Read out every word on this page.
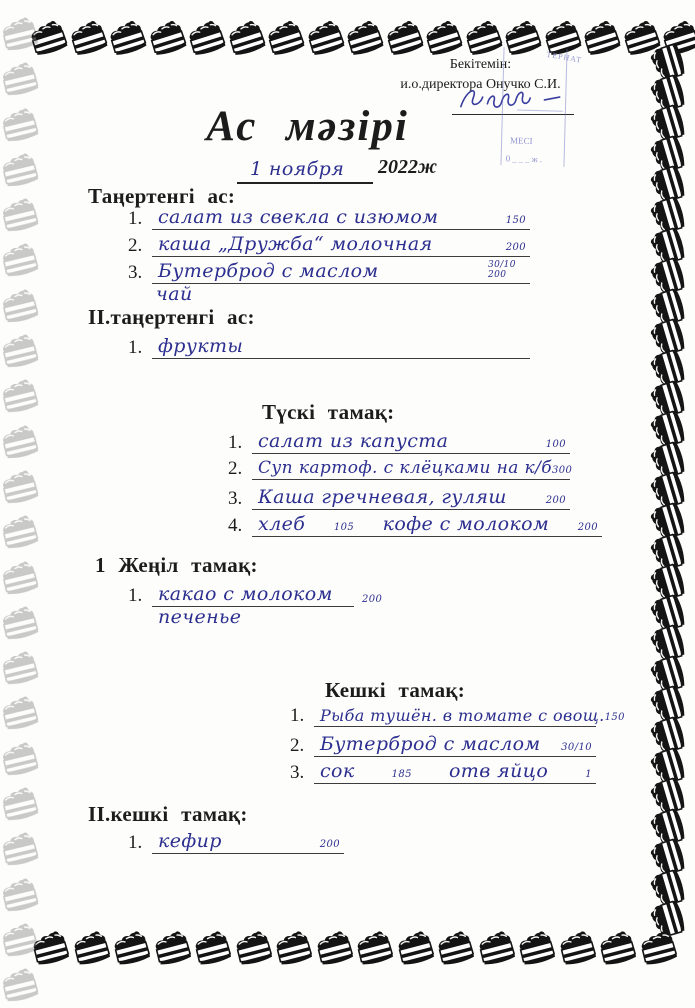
Бекітемін:
и.о.директора Онучко С.И.
ТЕРНАТ
МЕСІ
0___ж.
Ас мәзірі
1 ноября 2022ж
Таңертенгі ас:
1. салат из свекла с изюмом	150
2. каша „Дружба“ молочная	200
3. Бутерброд с маслом	30/10 200
чай
ІІ.таңертенгі ас:
1. фрукты
Түскі тамақ:
1. салат из капуста	100
2. Суп картоф. с клёцками на к/б 300
3. Каша гречневая, гуляш	200
4. хлеб	105 кофе с молоком	200
1 Жеңіл тамақ:
1. какао с молоком	200
печенье
Кешкі тамақ:
1. Рыба тушён. в томате с овощ. 150
2. Бутерброд с маслом 30/10
3. сок	185 отв яйцо	1
ІІ.кешкі тамақ:
1. кефир	200
